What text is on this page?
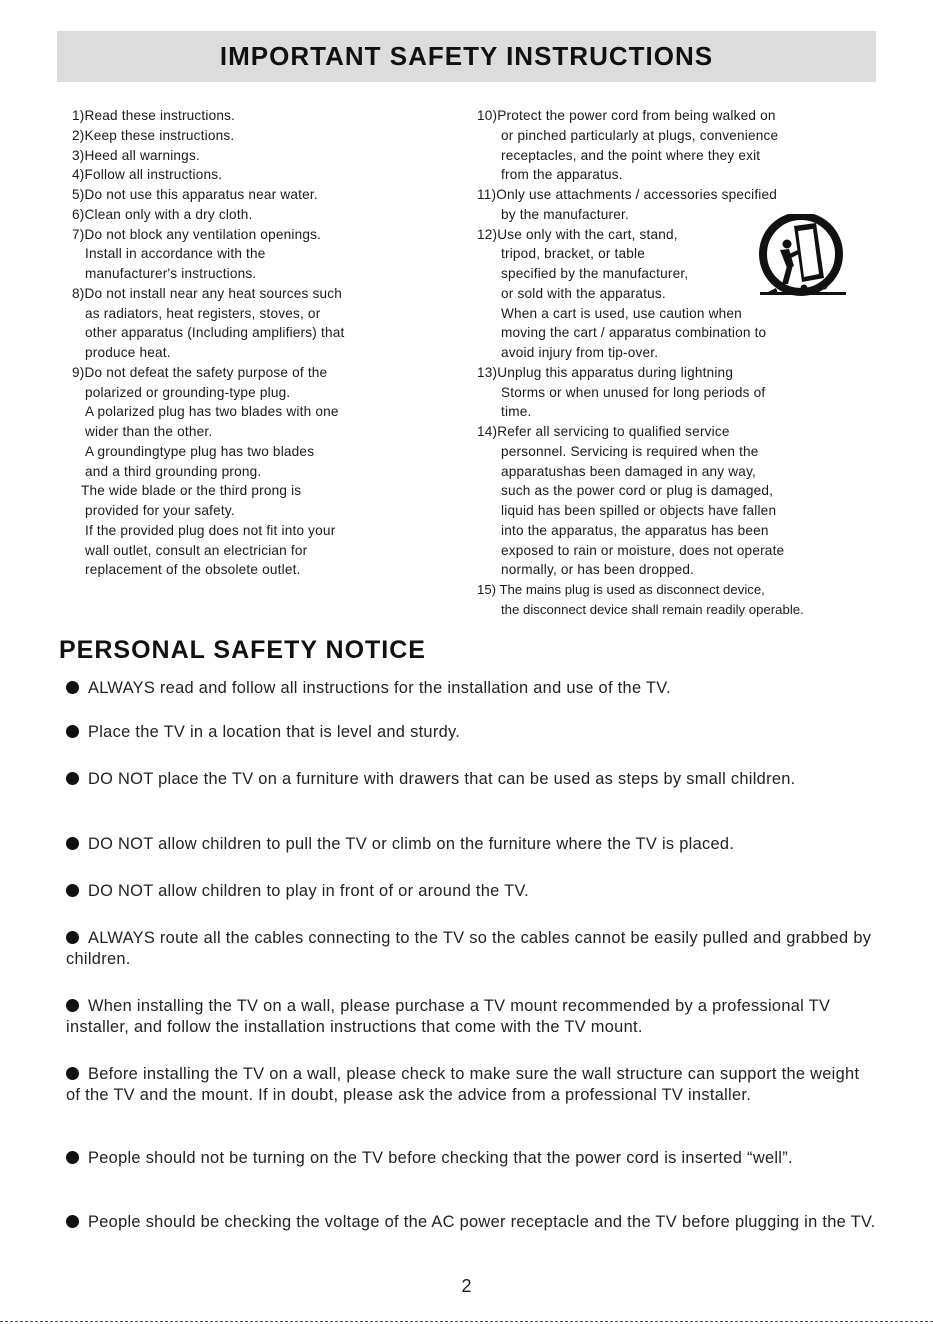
IMPORTANT SAFETY INSTRUCTIONS
1)Read these instructions.
2)Keep these instructions.
3)Heed all warnings.
4)Follow all instructions.
5)Do not use this apparatus near water.
6)Clean only with a dry cloth.
7)Do not block any ventilation openings.
Install in accordance with the
manufacturer's instructions.
8)Do not install near any heat sources such
as radiators, heat registers, stoves, or
other apparatus (Including amplifiers) that
produce heat.
9)Do not defeat the safety purpose of the
polarized or grounding-type plug.
A polarized plug has two blades with one
wider than the other.
A groundingtype plug has two blades
and a third grounding prong.
The wide blade or the third prong is
provided for your safety.
If the provided plug does not fit into your
wall outlet, consult an electrician for
replacement of the obsolete outlet.
10)Protect the power cord from being walked on
or pinched particularly at plugs, convenience
receptacles, and the point where they exit
from the apparatus.
11)Only use attachments / accessories specified
by the manufacturer.
12)Use only with the cart, stand,
tripod, bracket, or table
specified by the manufacturer,
or sold with the apparatus.
When a cart is used, use caution when
moving the cart / apparatus combination to
avoid injury from tip-over.
13)Unplug this apparatus during lightning
Storms or when unused for long periods of
time.
14)Refer all servicing to qualified service
personnel. Servicing is required when the
apparatushas been damaged in any way,
such as the power cord or plug is damaged,
liquid has been spilled or objects have fallen
into the apparatus, the apparatus has been
exposed to rain or moisture, does not operate
normally, or has been dropped.
15) The mains plug is used as disconnect device,
the disconnect device shall remain readily operable.
PERSONAL SAFETY NOTICE

ALWAYS read and follow all instructions for the installation and use of the TV.

Place the TV in a location that is level and sturdy.

DO NOT place the TV on a furniture with drawers that can be used as steps by small children.

DO NOT allow children to pull the TV or climb on the furniture where the TV is placed.

DO NOT allow children to play in front of or around the TV.

ALWAYS route all the cables connecting to the TV so the cables cannot be easily pulled and grabbed by children.

When installing the TV on a wall, please purchase a TV mount recommended by a professional TV installer, and follow the installation instructions that come with the TV mount.

Before installing the TV on a wall, please check to make sure the wall structure can support the weight of the TV and the mount. If in doubt, please ask the advice from a professional TV installer.

People should not be turning on the TV before checking that the power cord is inserted “well”.

People should be checking the voltage of the AC power receptacle and the TV before plugging in the TV.

2
